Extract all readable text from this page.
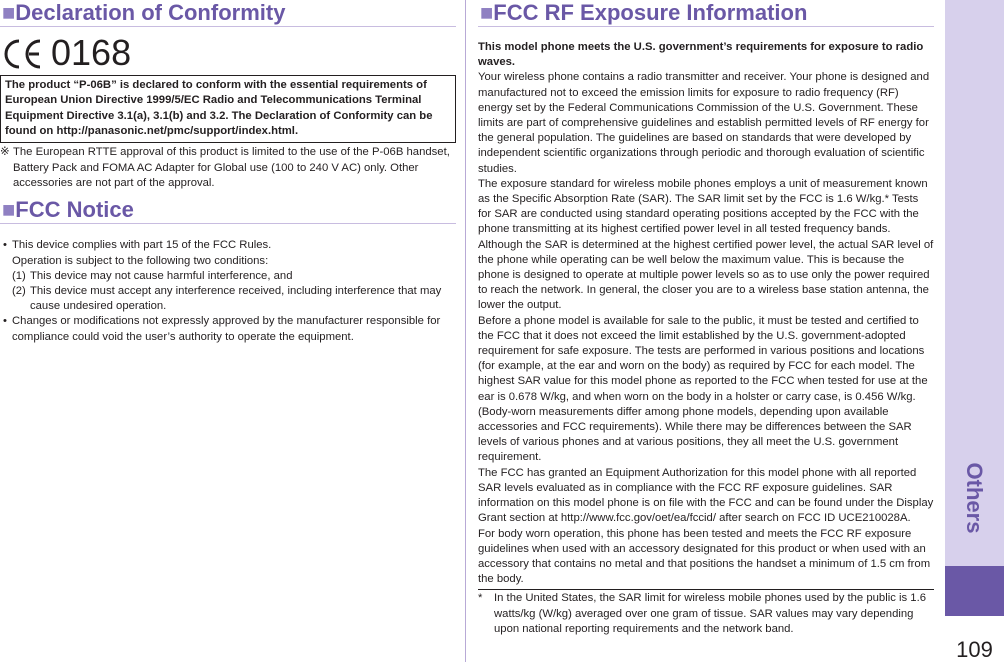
■Declaration of Conformity
0168
The product “P-06B” is declared to conform with the essential requirements of European Union Directive 1999/5/EC Radio and Telecommunications Terminal Equipment Directive 3.1(a), 3.1(b) and 3.2. The Declaration of Conformity can be found on http://panasonic.net/pmc/support/index.html.
※ The European RTTE approval of this product is limited to the use of the P-06B handset, Battery Pack and FOMA AC Adapter for Global use (100 to 240 V AC) only. Other accessories are not part of the approval.
■FCC Notice
• This device complies with part 15 of the FCC Rules.
Operation is subject to the following two conditions:
(1) This device may not cause harmful interference, and
(2) This device must accept any interference received, including interference that may cause undesired operation.
• Changes or modifications not expressly approved by the manufacturer responsible for compliance could void the user’s authority to operate the equipment.
■FCC RF Exposure Information

This model phone meets the U.S. government’s requirements for exposure to radio waves.

Your wireless phone contains a radio transmitter and receiver. Your phone is designed and manufactured not to exceed the emission limits for exposure to radio frequency (RF) energy set by the Federal Communications Commission of the U.S. Government. These limits are part of comprehensive guidelines and establish permitted levels of RF energy for the general population. The guidelines are based on standards that were developed by independent scientific organizations through periodic and thorough evaluation of scientific studies.

The exposure standard for wireless mobile phones employs a unit of measurement known as the Specific Absorption Rate (SAR). The SAR limit set by the FCC is 1.6 W/kg.* Tests for SAR are conducted using standard operating positions accepted by the FCC with the phone transmitting at its highest certified power level in all tested frequency bands. Although the SAR is determined at the highest certified power level, the actual SAR level of the phone while operating can be well below the maximum value. This is because the phone is designed to operate at multiple power levels so as to use only the power required to reach the network. In general, the closer you are to a wireless base station antenna, the lower the output.

Before a phone model is available for sale to the public, it must be tested and certified to the FCC that it does not exceed the limit established by the U.S. government-adopted requirement for safe exposure. The tests are performed in various positions and locations (for example, at the ear and worn on the body) as required by FCC for each model. The highest SAR value for this model phone as reported to the FCC when tested for use at the ear is 0.678 W/kg, and when worn on the body in a holster or carry case, is 0.456 W/kg. (Body-worn measurements differ among phone models, depending upon available accessories and FCC requirements). While there may be differences between the SAR levels of various phones and at various positions, they all meet the U.S. government requirement.

The FCC has granted an Equipment Authorization for this model phone with all reported SAR levels evaluated as in compliance with the FCC RF exposure guidelines. SAR information on this model phone is on file with the FCC and can be found under the Display Grant section at http://www.fcc.gov/oet/ea/fccid/ after search on FCC ID UCE210028A.

For body worn operation, this phone has been tested and meets the FCC RF exposure guidelines when used with an accessory designated for this product or when used with an accessory that contains no metal and that positions the handset a minimum of 1.5 cm from the body.

* In the United States, the SAR limit for wireless mobile phones used by the public is 1.6 watts/kg (W/kg) averaged over one gram of tissue. SAR values may vary depending upon national reporting requirements and the network band.
Others
109
